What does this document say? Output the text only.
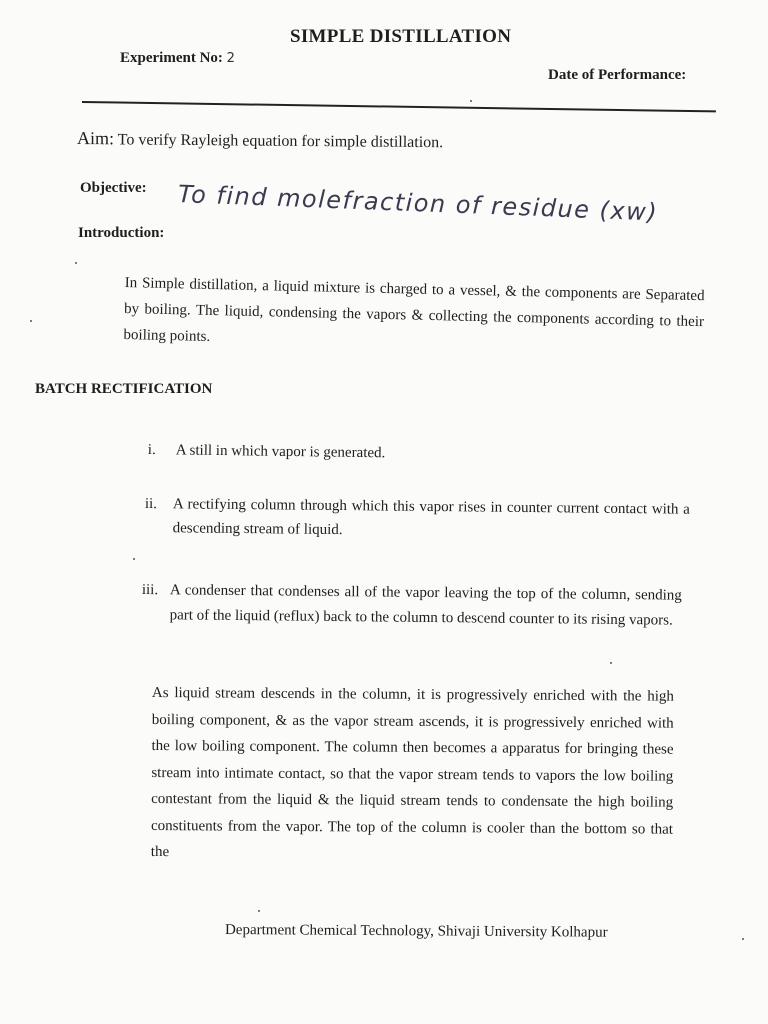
SIMPLE DISTILLATION
Experiment No: 2
Date of Performance:
Aim: To verify Rayleigh equation for simple distillation.
Objective: To find molefraction of residue (xw)
Introduction:
In Simple distillation, a liquid mixture is charged to a vessel, & the components are Separated by boiling. The liquid, condensing the vapors & collecting the components according to their boiling points.
BATCH RECTIFICATION
i. A still in which vapor is generated.
ii.	A rectifying column through which this vapor rises in counter current contact with a descending stream of liquid.
iii. A condenser that condenses all of the vapor leaving the top of the column, sending part of the liquid (reflux) back to the column to descend counter to its rising vapors.
As liquid stream descends in the column, it is progressively enriched with the high boiling component, & as the vapor stream ascends, it is progressively enriched with the low boiling component. The column then becomes a apparatus for bringing these stream into intimate contact, so that the vapor stream tends to vapors the low boiling contestant from the liquid & the liquid stream tends to condensate the high boiling constituents from the vapor. The top of the column is cooler than the bottom so that the
Department Chemical Technology, Shivaji University Kolhapur
